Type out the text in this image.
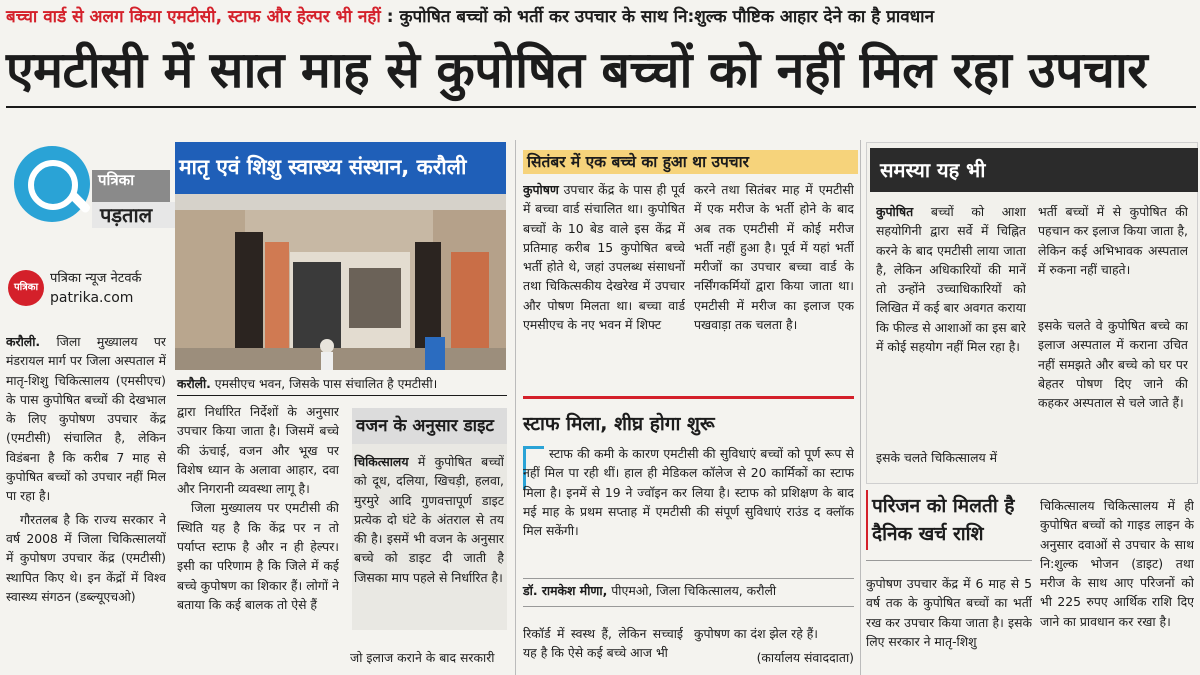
बच्चा वार्ड से अलग किया एमटीसी, स्टाफ और हेल्पर भी नहीं : कुपोषित बच्चों को भर्ती कर उपचार के साथ नि:शुल्क पौष्टिक आहार देने का है प्रावधान
एमटीसी में सात माह से कुपोषित बच्चों को नहीं मिल रहा उपचार
पत्रिका
पड़ताल
पत्रिका
पत्रिका न्यूज नेटवर्क
patrika.com
करौली. जिला मुख्यालय पर मंडरायल मार्ग पर जिला अस्पताल में मातृ-शिशु चिकित्सालय (एमसीएच) के पास कुपोषित बच्चों की देखभाल के लिए कुपोषण उपचार केंद्र (एमटीसी) संचालित है, लेकिन विडंबना है कि करीब 7 माह से कुपोषित बच्चों को उपचार नहीं मिल पा रहा है।
गौरतलब है कि राज्य सरकार ने वर्ष 2008 में जिला चिकित्सालयों में कुपोषण उपचार केंद्र (एमटीसी) स्थापित किए थे। इन केंद्रों में विश्व स्वास्थ्य संगठन (डब्ल्यूएचओ)
मातृ एवं शिशु स्वास्थ्य संस्थान, करौली
करौली. एमसीएच भवन, जिसके पास संचालित है एमटीसी।
द्वारा निर्धारित निर्देशों के अनुसार उपचार किया जाता है। जिसमें बच्चे की ऊंचाई, वजन और भूख पर विशेष ध्यान के अलावा आहार, दवा और निगरानी व्यवस्था लागू है।
जिला मुख्यालय पर एमटीसी की स्थिति यह है कि केंद्र पर न तो पर्याप्त स्टाफ है और न ही हेल्पर। इसी का परिणाम है कि जिले में कई बच्चे कुपोषण का शिकार हैं। लोगों ने बताया कि कई बालक तो ऐसे हैं
वजन के अनुसार डाइट
चिकित्सालय में कुपोषित बच्चों को दूध, दलिया, खिचड़ी, हलवा, मुरमुरे आदि गुणवत्तापूर्ण डाइट प्रत्येक दो घंटे के अंतराल से तय की है। इसमें भी वजन के अनुसार बच्चे को डाइट दी जाती है जिसका माप पहले से निर्धारित है।
जो इलाज कराने के बाद सरकारी
सितंबर में एक बच्चे का हुआ था उपचार
कुपोषण उपचार केंद्र के पास ही पूर्व में बच्चा वार्ड संचालित था। कुपोषित बच्चों के 10 बेड वाले इस केंद्र में प्रतिमाह करीब 15 कुपोषित बच्चे भर्ती होते थे, जहां उपलब्ध संसाधनों तथा चिकित्सकीय देखरेख में उपचार और पोषण मिलता था। बच्चा वार्ड एमसीएच के नए भवन में शिफ्ट
करने तथा सितंबर माह में एमटीसी में एक मरीज के भर्ती होने के बाद अब तक एमटीसी में कोई मरीज भर्ती नहीं हुआ है। पूर्व में यहां भर्ती मरीजों का उपचार बच्चा वार्ड के नर्सिंगकर्मियों द्वारा किया जाता था। एमटीसी में मरीज का इलाज एक पखवाड़ा तक चलता है।
स्टाफ मिला, शीघ्र होगा शुरू
स्टाफ की कमी के कारण एमटीसी की सुविधाएं बच्चों को पूर्ण रूप से नहीं मिल पा रही थीं। हाल ही मेडिकल कॉलेज से 20 कार्मिकों का स्टाफ मिला है। इनमें से 19 ने ज्वॉइन कर लिया है। स्टाफ को प्रशिक्षण के बाद मई माह के प्रथम सप्ताह में एमटीसी की संपूर्ण सुविधाएं राउंड द क्लॉक मिल सकेंगी।
डॉ. रामकेश मीणा, पीएमओ, जिला चिकित्सालय, करौली
रिकॉर्ड में स्वस्थ हैं, लेकिन सच्चाई यह है कि ऐसे कई बच्चे आज भी
कुपोषण का दंश झेल रहे हैं।
(कार्यालय संवाददाता)
समस्या यह भी
कुपोषित बच्चों को आशा सहयोगिनी द्वारा सर्वे में चिह्नित करने के बाद एमटीसी लाया जाता है, लेकिन अधिकारियों की मानें तो उन्होंने उच्चाधिकारियों को लिखित में कई बार अवगत कराया कि फील्ड से आशाओं का इस बारे में कोई सहयोग नहीं मिल रहा है।
इसके चलते चिकित्सालय में
भर्ती बच्चों में से कुपोषित की पहचान कर इलाज किया जाता है, लेकिन कई अभिभावक अस्पताल में रुकना नहीं चाहते।
इसके चलते वे कुपोषित बच्चे का इलाज अस्पताल में कराना उचित नहीं समझते और बच्चे को घर पर बेहतर पोषण दिए जाने की कहकर अस्पताल से चले जाते हैं।
परिजन को मिलती है
दैनिक खर्च राशि
कुपोषण उपचार केंद्र में 6 माह से 5 वर्ष तक के कुपोषित बच्चों का भर्ती रख कर उपचार किया जाता है। इसके लिए सरकार ने मातृ-शिशु
चिकित्सालय चिकित्सालय में ही कुपोषित बच्चों को गाइड लाइन के अनुसार दवाओं से उपचार के साथ नि:शुल्क भोजन (डाइट) तथा मरीज के साथ आए परिजनों को भी 225 रुपए आर्थिक राशि दिए जाने का प्रावधान कर रखा है।
